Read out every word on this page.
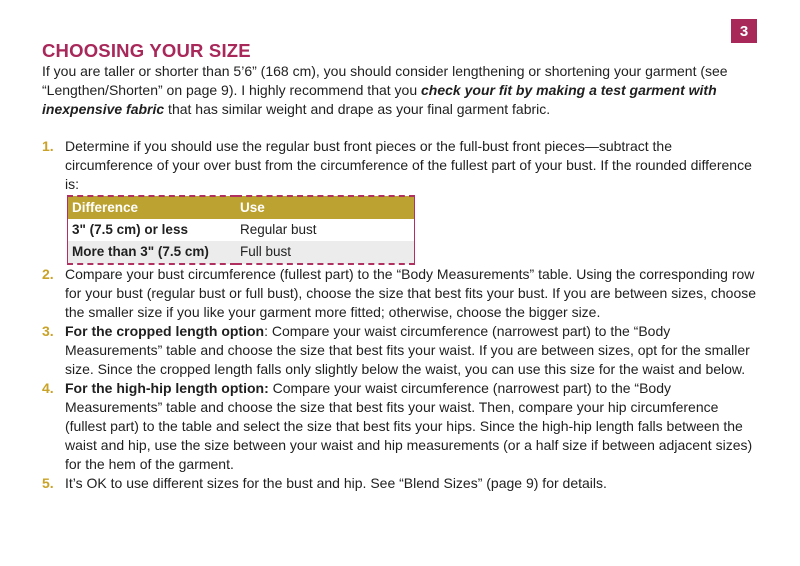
3
CHOOSING YOUR SIZE

If you are taller or shorter than 5’6” (168 cm), you should consider lengthening or shortening your garment (see “Lengthen/Shorten” on page 9). I highly recommend that you check your fit by making a test garment with inexpensive fabric that has similar weight and drape as your final garment fabric.

1. Determine if you should use the regular bust front pieces or the full-bust front pieces—subtract the circumference of your over bust from the circumference of the fullest part of your bust. If the rounded difference is:
Difference	Use
3" (7.5 cm) or less	Regular bust
More than 3" (7.5 cm)	Full bust
2. Compare your bust circumference (fullest part) to the “Body Measurements” table. Using the corresponding row for your bust (regular bust or full bust), choose the size that best fits your bust. If you are between sizes, choose the smaller size if you like your garment more fitted; otherwise, choose the bigger size.
3. For the cropped length option: Compare your waist circumference (narrowest part) to the “Body Measurements” table and choose the size that best fits your waist. If you are between sizes, opt for the smaller size. Since the cropped length falls only slightly below the waist, you can use this size for the waist and below.
4. For the high-hip length option: Compare your waist circumference (narrowest part) to the “Body Measurements” table and choose the size that best fits your waist. Then, compare your hip circumference (fullest part) to the table and select the size that best fits your hips. Since the high-hip length falls between the waist and hip, use the size between your waist and hip measurements (or a half size if between adjacent sizes) for the hem of the garment.
5. It’s OK to use different sizes for the bust and hip. See “Blend Sizes” (page 9) for details.
